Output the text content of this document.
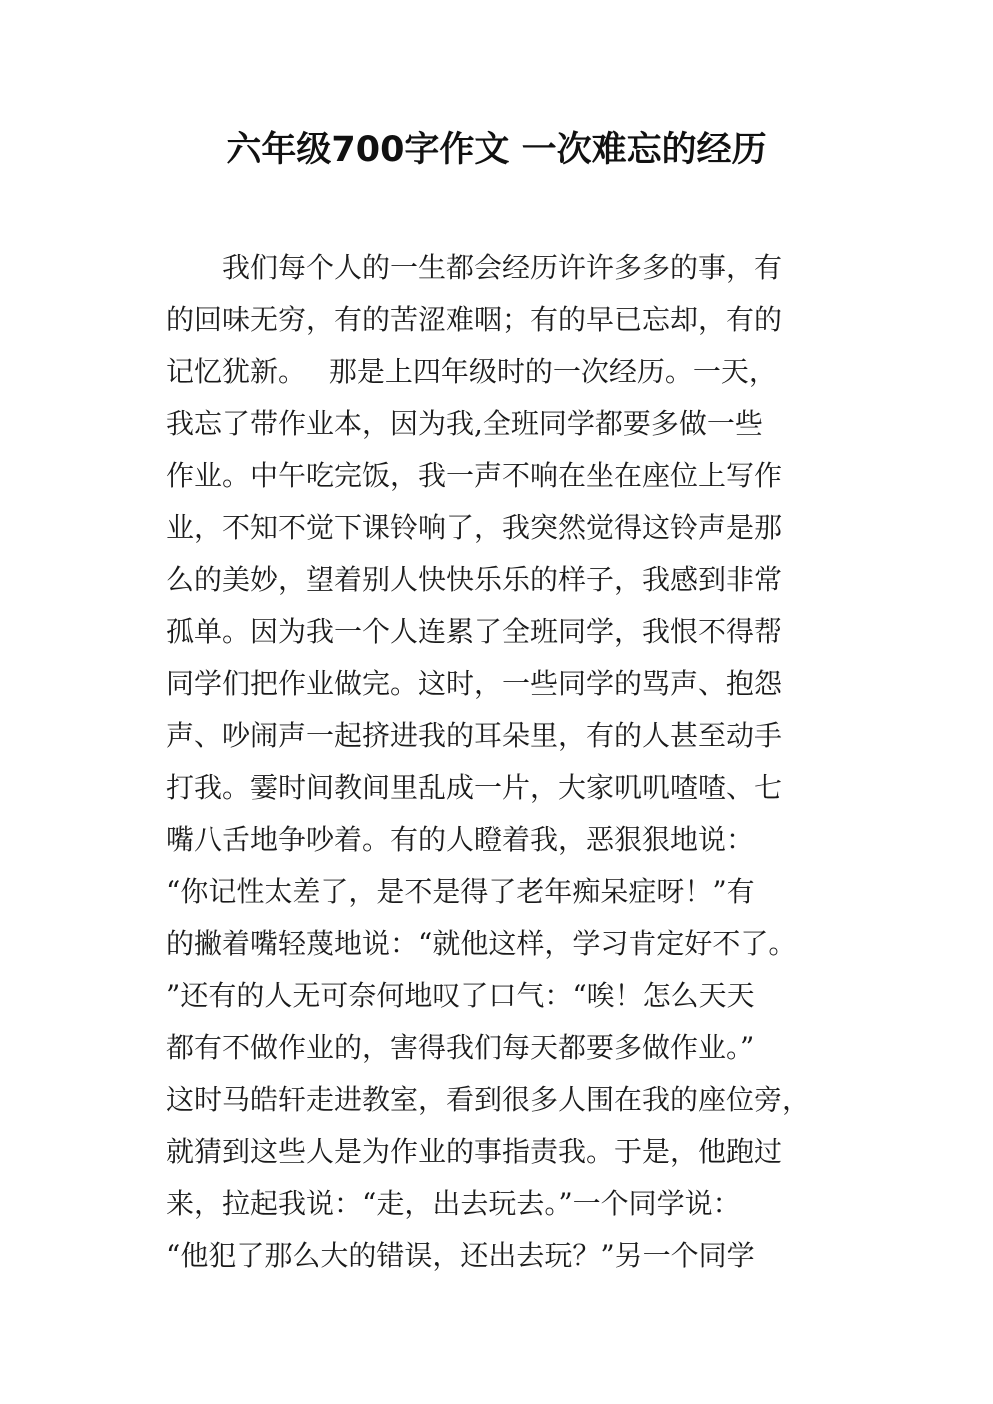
六年级700字作文 一次难忘的经历
　　我们每个人的一生都会经历许许多多的事，有
的回味无穷，有的苦涩难咽；有的早已忘却，有的
记忆犹新。　 那是上四年级时的一次经历。一天，
我忘了带作业本，因为我,全班同学都要多做一些
作业。中午吃完饭，我一声不响在坐在座位上写作
业，不知不觉下课铃响了，我突然觉得这铃声是那
么的美妙，望着别人快快乐乐的样子，我感到非常
孤单。因为我一个人连累了全班同学，我恨不得帮
同学们把作业做完。这时，一些同学的骂声、抱怨
声、吵闹声一起挤进我的耳朵里，有的人甚至动手
打我。霎时间教间里乱成一片，大家叽叽喳喳、七
嘴八舌地争吵着。有的人瞪着我，恶狠狠地说：
“你记性太差了，是不是得了老年痴呆症呀！”有
的撇着嘴轻蔑地说：“就他这样，学习肯定好不了。
”还有的人无可奈何地叹了口气：“唉！怎么天天
都有不做作业的，害得我们每天都要多做作业。”
这时马皓轩走进教室，看到很多人围在我的座位旁，
就猜到这些人是为作业的事指责我。于是，他跑过
来，拉起我说：“走，出去玩去。”一个同学说：
“他犯了那么大的错误，还出去玩？”另一个同学
